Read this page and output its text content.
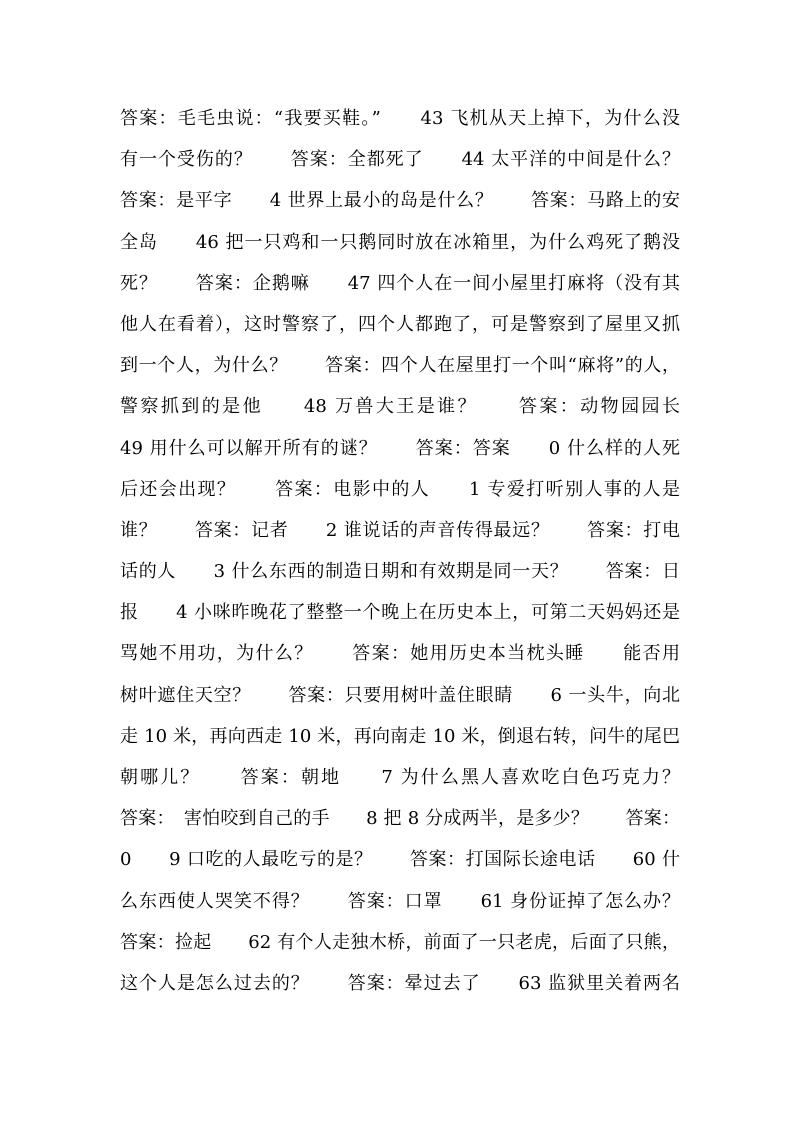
答案：毛毛虫说：“我要买鞋。”　　43 飞机从天上掉下，为什么没
有一个受伤的？　　答案：全都死了　　44 太平洋的中间是什么？
答案：是平字　　4 世界上最小的岛是什么？　　答案：马路上的安
全岛　　46 把一只鸡和一只鹅同时放在冰箱里，为什么鸡死了鹅没
死？　　答案：企鹅嘛　　47 四个人在一间小屋里打麻将（没有其
他人在看着），这时警察了，四个人都跑了，可是警察到了屋里又抓
到一个人，为什么？　　答案：四个人在屋里打一个叫“麻将”的人，
警察抓到的是他　　48 万兽大王是谁？　　答案：动物园园长
49 用什么可以解开所有的谜？　　答案：答案　　0 什么样的人死
后还会出现？　　答案：电影中的人　　1 专爱打听别人事的人是
谁？　　答案：记者　　2 谁说话的声音传得最远？　　答案：打电
话的人　　3 什么东西的制造日期和有效期是同一天？　　答案：日
报　　4 小咪昨晚花了整整一个晚上在历史本上，可第二天妈妈还是
骂她不用功，为什么？　　答案：她用历史本当枕头睡　　能否用
树叶遮住天空？　　答案：只要用树叶盖住眼睛　　6 一头牛，向北
走 10 米，再向西走 10 米，再向南走 10 米，倒退右转，问牛的尾巴
朝哪儿？　　答案：朝地　　7 为什么黑人喜欢吃白色巧克力？
答案：　害怕咬到自己的手　　8 把 8 分成两半，是多少？　　答案：
0　　9 口吃的人最吃亏的是？　　答案：打国际长途电话　　60 什
么东西使人哭笑不得？　　答案：口罩　　61 身份证掉了怎么办？
答案：捡起　　62 有个人走独木桥，前面了一只老虎，后面了只熊，
这个人是怎么过去的？　　答案：晕过去了　　63 监狱里关着两名
